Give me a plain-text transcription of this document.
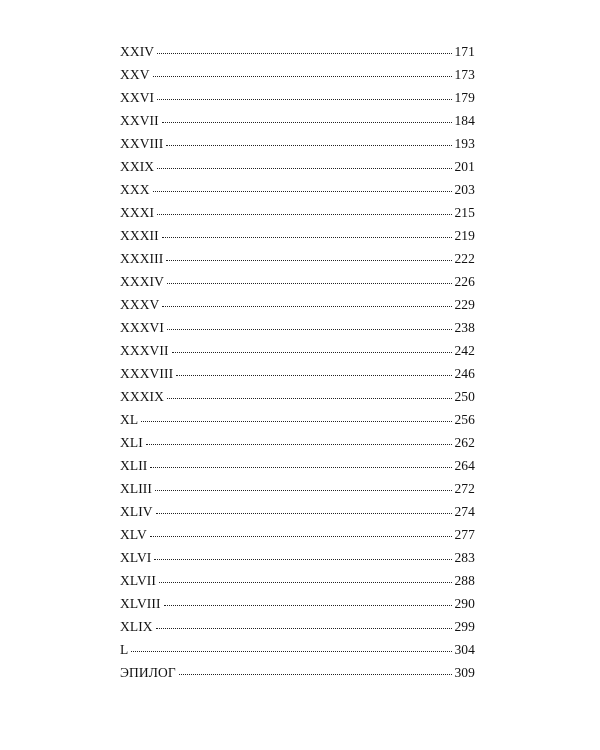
XXIV	171
XXV	173
XXVI	179
XXVII	184
XXVIII	193
XXIX	201
XXX	203
XXXI	215
XXXII	219
XXXIII	222
XXXIV	226
XXXV	229
XXXVI	238
XXXVII	242
XXXVIII	246
XXXIX	250
XL	256
XLI	262
XLII	264
XLIII	272
XLIV	274
XLV	277
XLVI	283
XLVII	288
XLVIII	290
XLIX	299
L	304
ЭПИЛОГ	309
